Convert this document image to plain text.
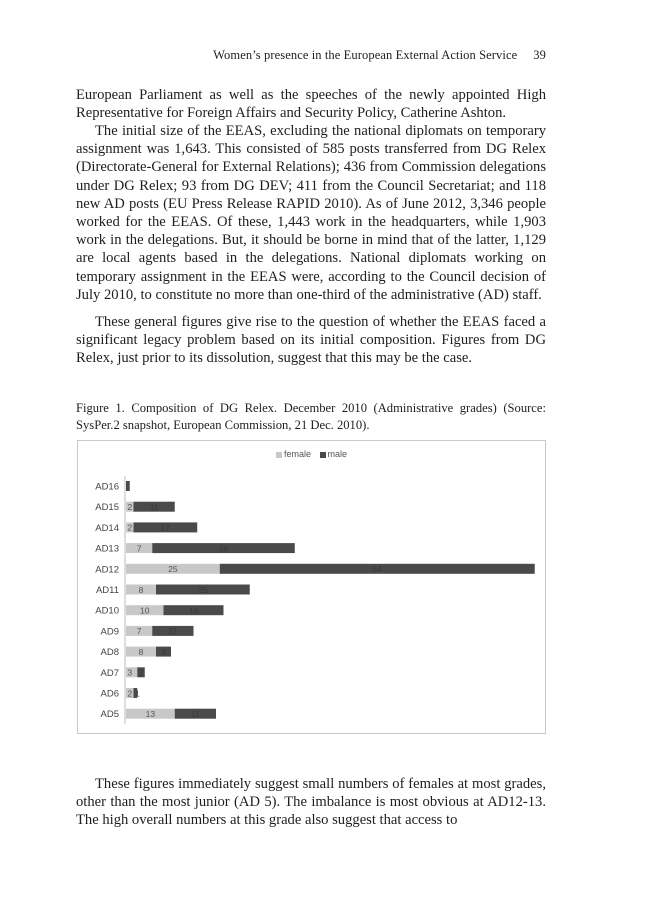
Women’s presence in the European External Action Service 39

European Parliament as well as the speeches of the newly appointed High Representative for Foreign Affairs and Security Policy, Catherine Ashton.

The initial size of the EEAS, excluding the national diplomats on temporary assignment was 1,643. This consisted of 585 posts transferred from DG Relex (Directorate-General for External Relations); 436 from Commission delegations under DG Relex; 93 from DG DEV; 411 from the Council Secretariat; and 118 new AD posts (EU Press Release RAPID 2010). As of June 2012, 3,346 people worked for the EEAS. Of these, 1,443 work in the headquarters, while 1,903 work in the delegations. But, it should be borne in mind that of the latter, 1,129 are local agents based in the delegations. National diplomats working on temporary assignment in the EEAS were, according to the Council decision of July 2010, to constitute no more than one-third of the administrative (AD) staff.

These general figures give rise to the question of whether the EEAS faced a significant legacy problem based on its initial composition. Figures from DG Relex, just prior to its dissolution, suggest that this may be the case.

Figure 1. Composition of DG Relex. December 2010 (Administrative grades) (Source: SysPer.2 snapshot, European Commission, 21 Dec. 2010).

female male
AD16
AD15 2 11
AD14 2	17
AD13 7	38
AD12	25	84
AD11 8	25
AD10 10	16
AD9 7	11
AD8 8 4
AD7 3 2
AD6 2 1
AD5	13	11

These figures immediately suggest small numbers of females at most grades, other than the most junior (AD 5). The imbalance is most obvious at AD12-13. The high overall numbers at this grade also suggest that access to
